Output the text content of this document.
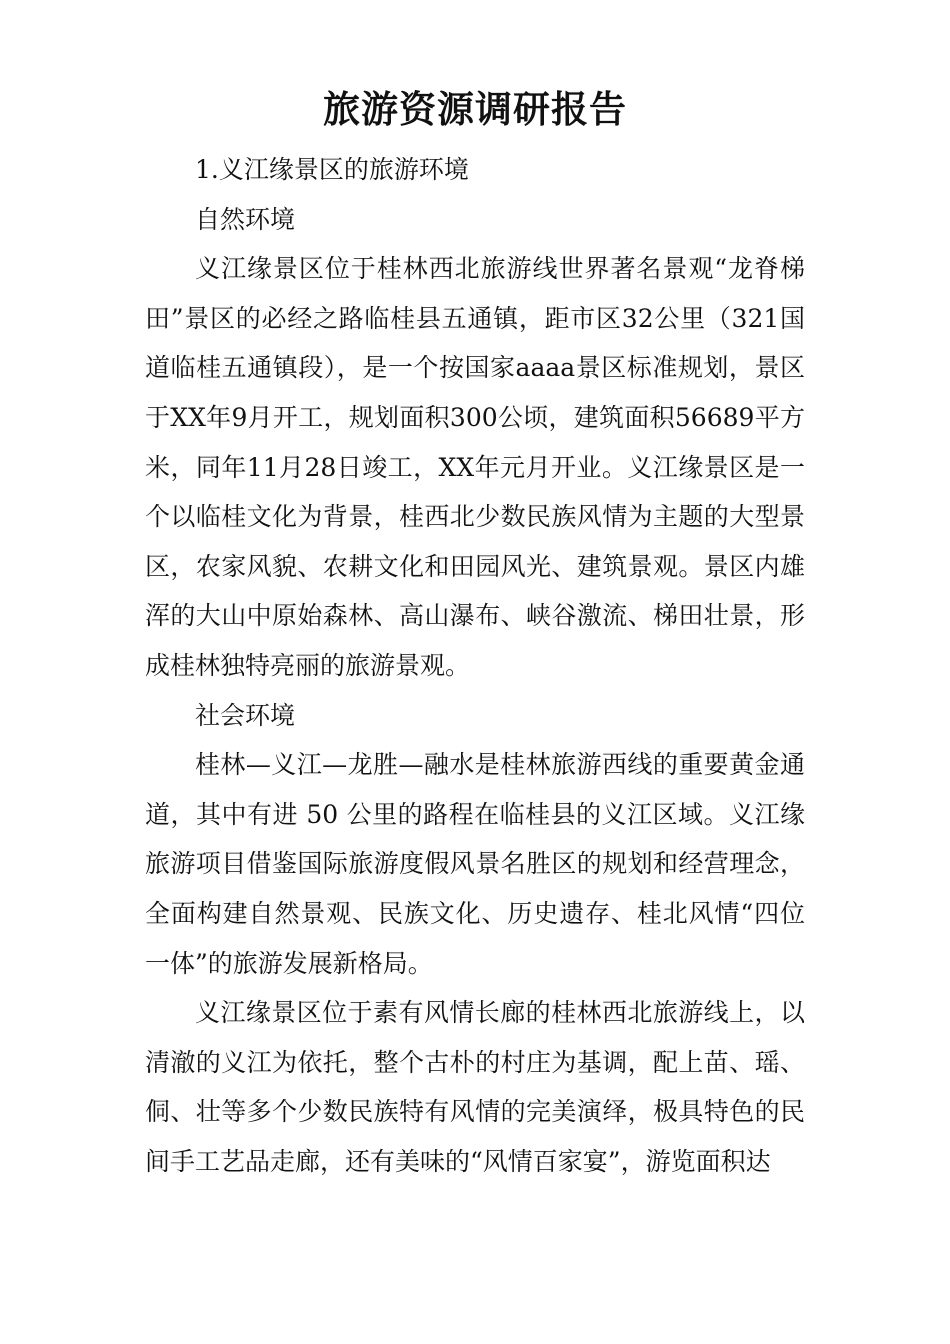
旅游资源调研报告

1.义江缘景区的旅游环境

自然环境

义江缘景区位于桂林西北旅游线世界著名景观“龙脊梯田”景区的必经之路临桂县五通镇，距市区32公里（321国道临桂五通镇段），是一个按国家aaaa景区标准规划，景区于XX年9月开工，规划面积300公顷，建筑面积56689平方米，同年11月28日竣工，XX年元月开业。义江缘景区是一个以临桂文化为背景，桂西北少数民族风情为主题的大型景区，农家风貌、农耕文化和田园风光、建筑景观。景区内雄浑的大山中原始森林、高山瀑布、峡谷激流、梯田壮景，形成桂林独特亮丽的旅游景观。

社会环境

桂林—义江—龙胜—融水是桂林旅游西线的重要黄金通道，其中有进 50 公里的路程在临桂县的义江区域。义江缘旅游项目借鉴国际旅游度假风景名胜区的规划和经营理念，全面构建自然景观、民族文化、历史遗存、桂北风情“四位一体”的旅游发展新格局。

义江缘景区位于素有风情长廊的桂林西北旅游线上，以清澈的义江为依托，整个古朴的村庄为基调，配上苗、瑶、侗、壮等多个少数民族特有风情的完美演绎，极具特色的民间手工艺品走廊，还有美味的“风情百家宴”，游览面积达
